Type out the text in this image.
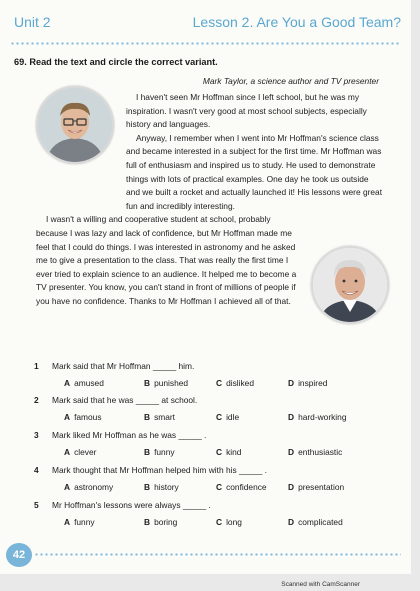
Unit 2	Lesson 2. Are You a Good Team?
69. Read the text and circle the correct variant.
Mark Taylor, a science author and TV presenter

I haven't seen Mr Hoffman since I left school, but he was my inspiration. I wasn't very good at most school subjects, especially history and languages.

Anyway, I remember when I went into Mr Hoffman's science class and became interested in a subject for the first time. Mr Hoffman was full of enthusiasm and inspired us to study. He used to demonstrate things with lots of practical examples. One day he took us outside and we built a rocket and actually launched it! His lessons were great fun and incredibly interesting.

I wasn't a willing and cooperative student at school, probably because I was lazy and lack of confidence, but Mr Hoffman made me feel that I could do things. I was interested in astronomy and he asked me to give a presentation to the class. That was really the first time I ever tried to explain science to an audience. It helped me to become a TV presenter. You know, you can't stand in front of millions of people if you have no confidence. Thanks to Mr Hoffman I achieved all of that.

1 Mark said that Mr Hoffman _____ him.
A amused	B punished	C disliked	D inspired
2 Mark said that he was _____ at school.
A famous	B smart	C idle	D hard-working
3 Mark liked Mr Hoffman as he was _____ .
A clever	B funny	C kind	D enthusiastic
4 Mark thought that Mr Hoffman helped him with his _____ .
A astronomy	B history	C confidence	D presentation
5 Mr Hoffman's lessons were always _____ .
A funny	B boring	C long	D complicated
42
Scanned with CamScanner
